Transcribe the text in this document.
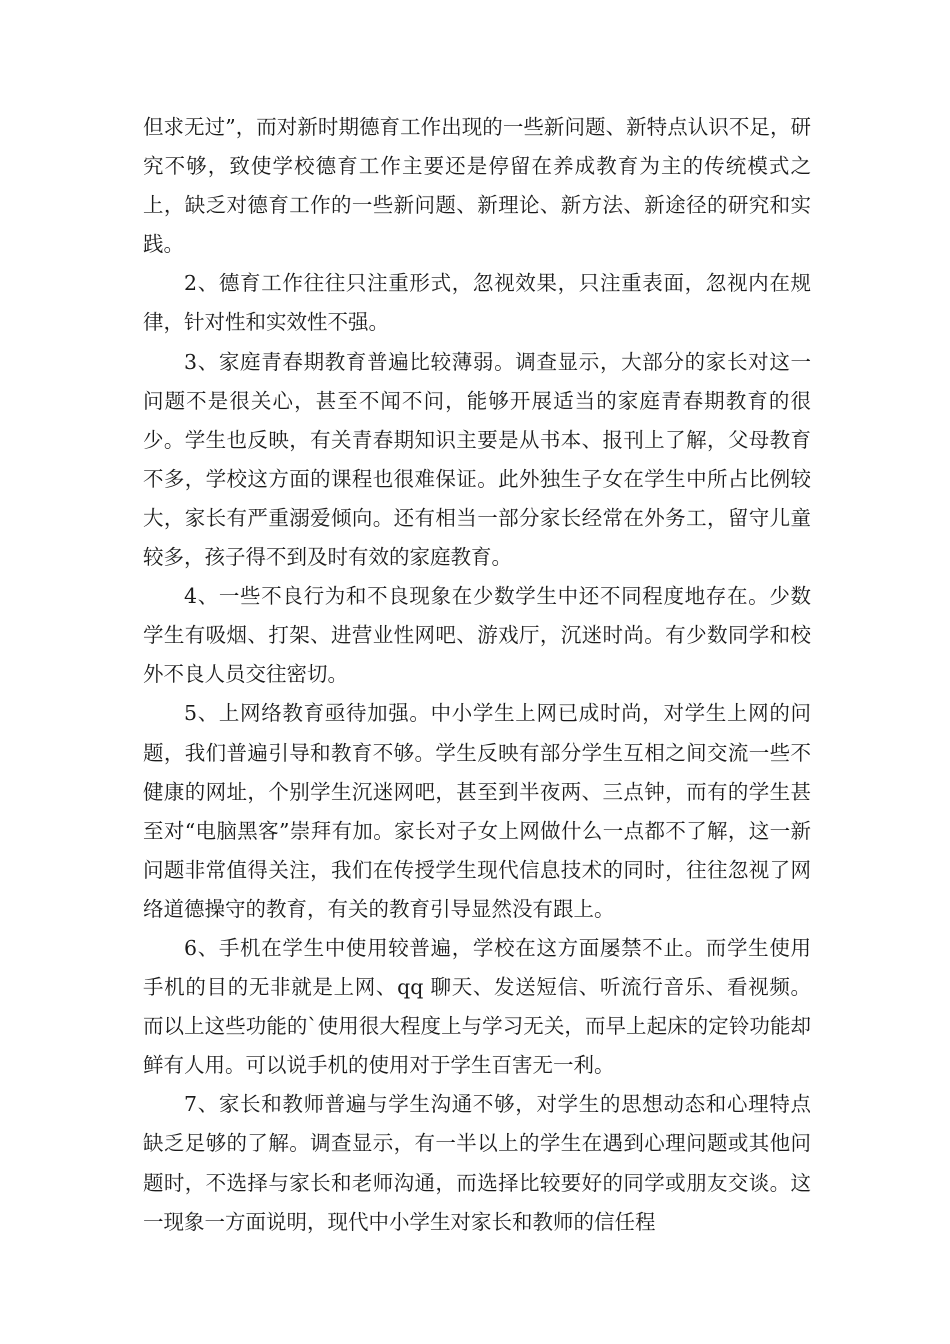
但求无过”，而对新时期德育工作出现的一些新问题、新特点认识不足，研究不够，致使学校德育工作主要还是停留在养成教育为主的传统模式之上，缺乏对德育工作的一些新问题、新理论、新方法、新途径的研究和实践。

2、德育工作往往只注重形式，忽视效果，只注重表面，忽视内在规律，针对性和实效性不强。

3、家庭青春期教育普遍比较薄弱。调查显示，大部分的家长对这一问题不是很关心，甚至不闻不问，能够开展适当的家庭青春期教育的很少。学生也反映，有关青春期知识主要是从书本、报刊上了解，父母教育不多，学校这方面的课程也很难保证。此外独生子女在学生中所占比例较大，家长有严重溺爱倾向。还有相当一部分家长经常在外务工，留守儿童较多，孩子得不到及时有效的家庭教育。

4、一些不良行为和不良现象在少数学生中还不同程度地存在。少数学生有吸烟、打架、进营业性网吧、游戏厅，沉迷时尚。有少数同学和校外不良人员交往密切。

5、上网络教育亟待加强。中小学生上网已成时尚，对学生上网的问题，我们普遍引导和教育不够。学生反映有部分学生互相之间交流一些不健康的网址，个别学生沉迷网吧，甚至到半夜两、三点钟，而有的学生甚至对“电脑黑客”崇拜有加。家长对子女上网做什么一点都不了解，这一新问题非常值得关注，我们在传授学生现代信息技术的同时，往往忽视了网络道德操守的教育，有关的教育引导显然没有跟上。

6、手机在学生中使用较普遍，学校在这方面屡禁不止。而学生使用手机的目的无非就是上网、qq 聊天、发送短信、听流行音乐、看视频。而以上这些功能的`使用很大程度上与学习无关，而早上起床的定铃功能却鲜有人用。可以说手机的使用对于学生百害无一利。

7、家长和教师普遍与学生沟通不够，对学生的思想动态和心理特点缺乏足够的了解。调查显示，有一半以上的学生在遇到心理问题或其他问题时，不选择与家长和老师沟通，而选择比较要好的同学或朋友交谈。这一现象一方面说明，现代中小学生对家长和教师的信任程
